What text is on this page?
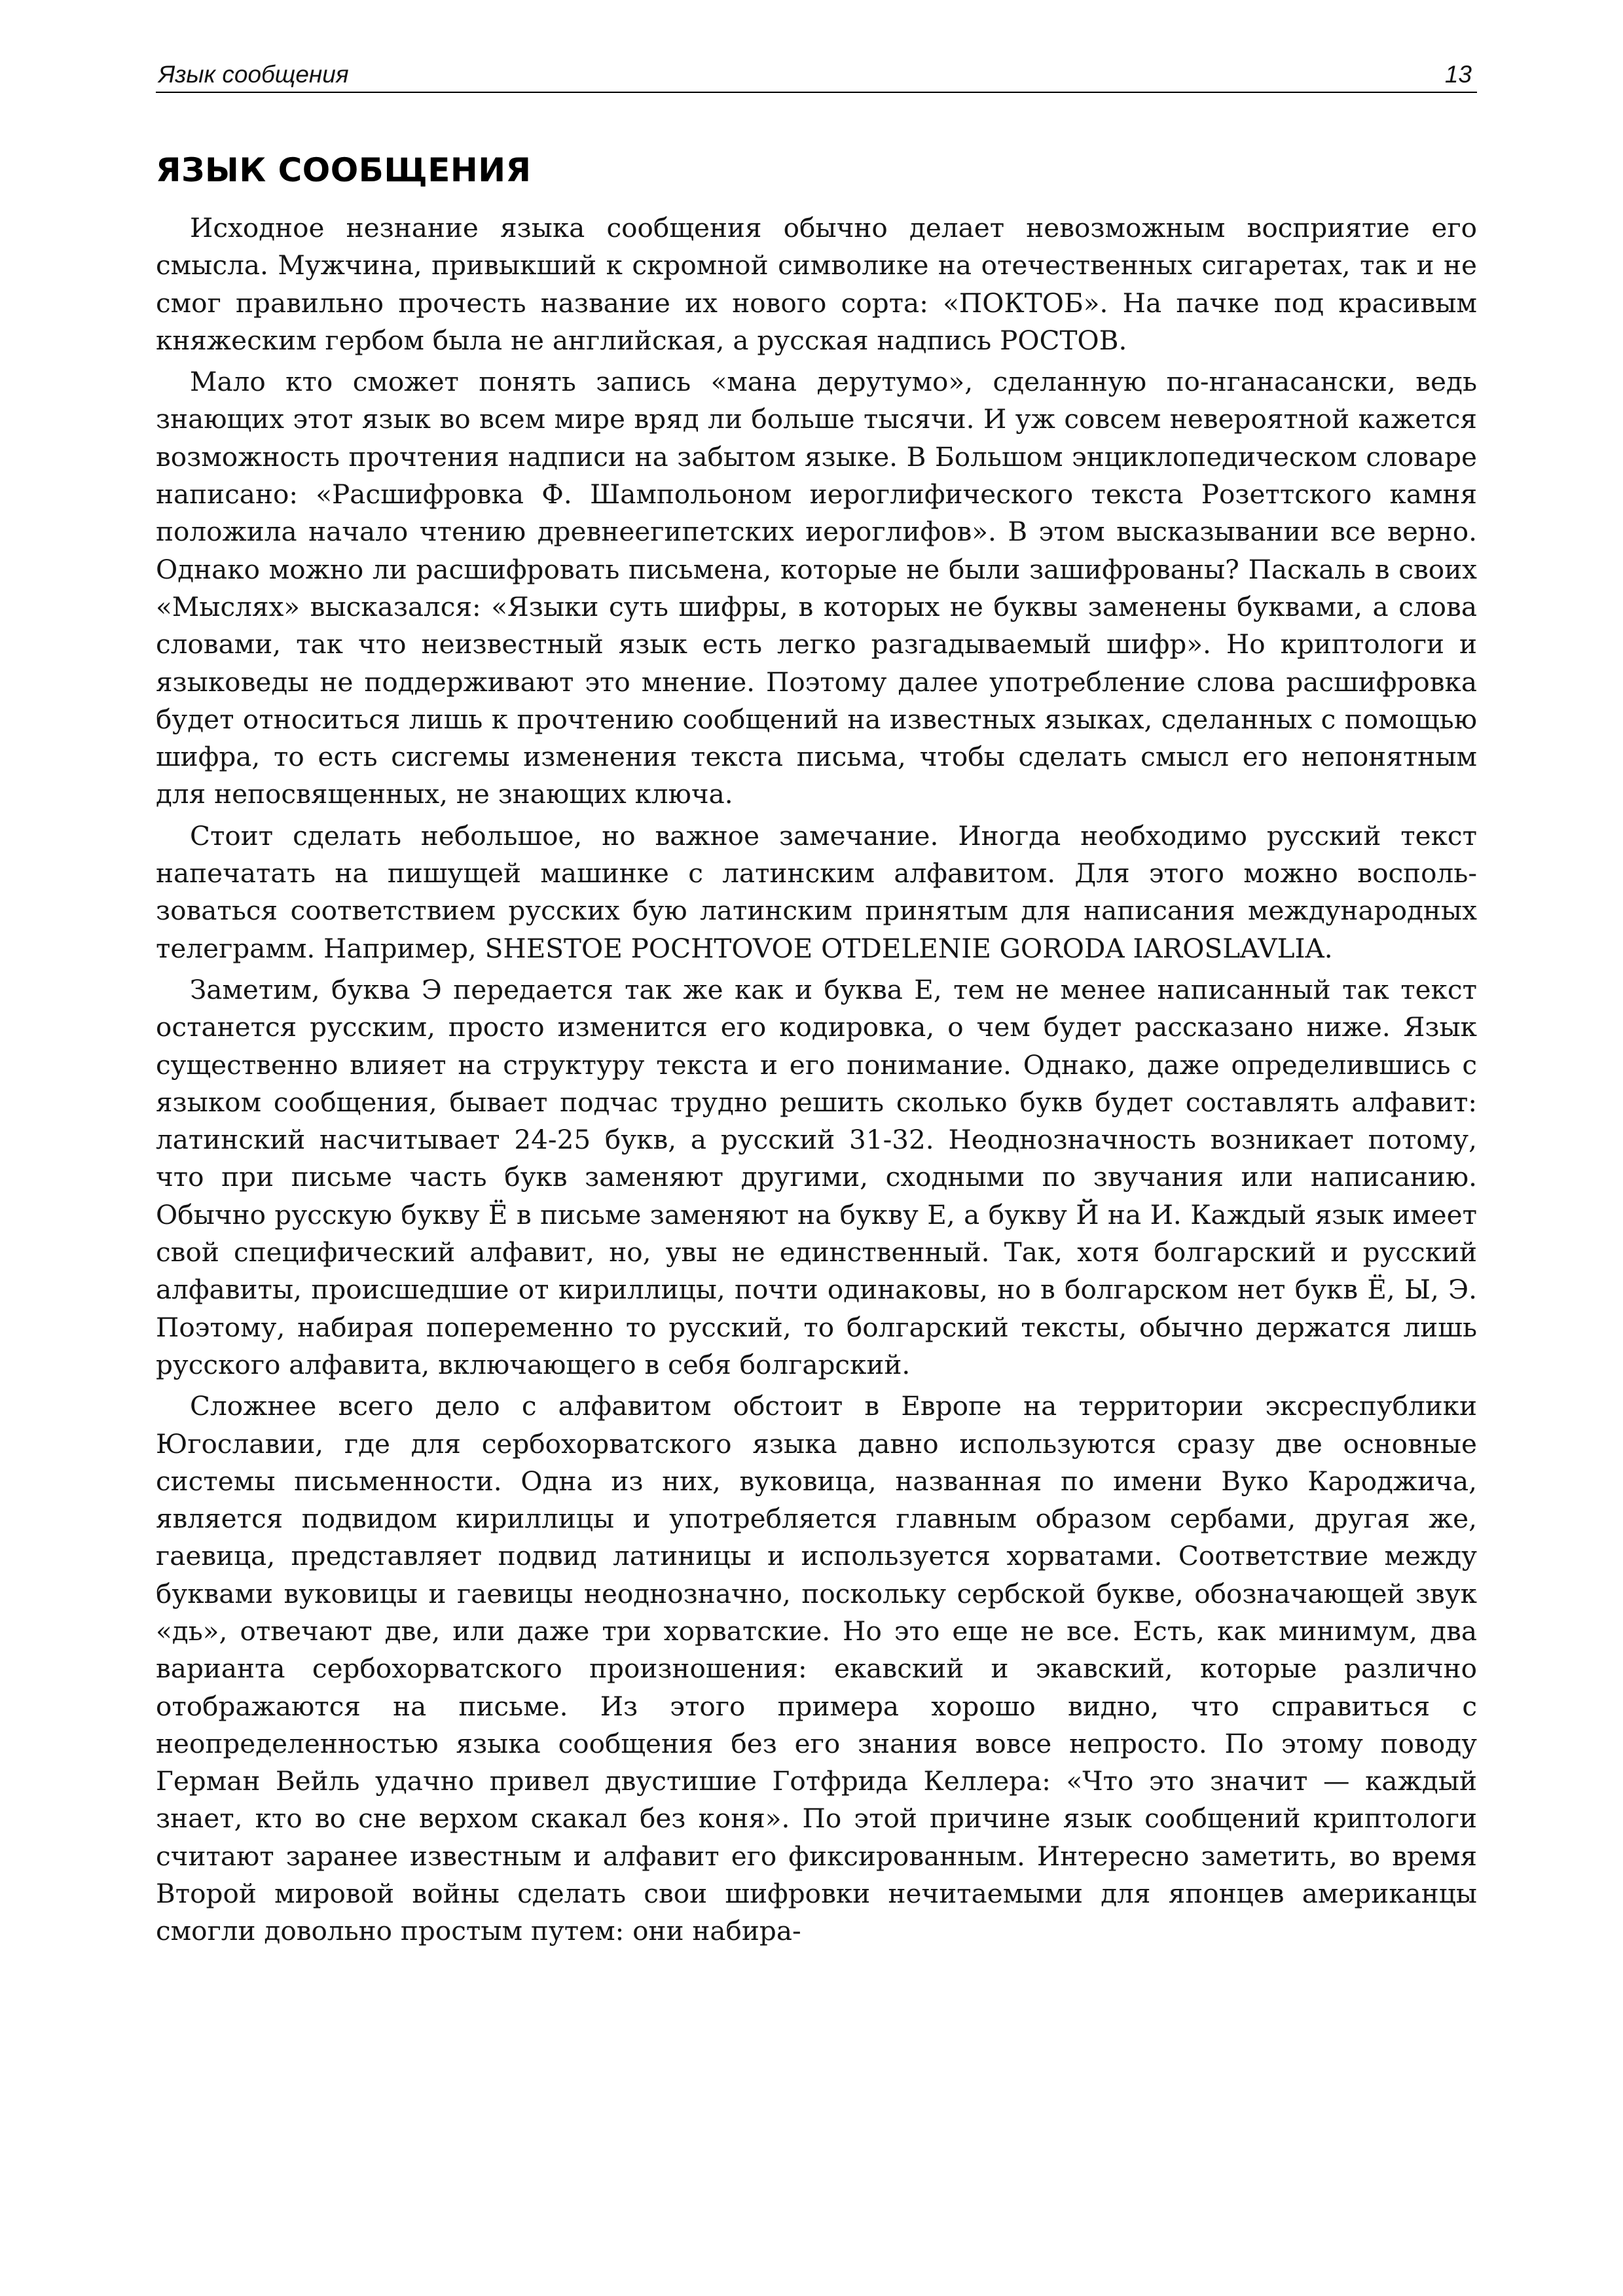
Язык сообщения	13
ЯЗЫК СООБЩЕНИЯ

Исходное незнание языка сообщения обычно делает невозможным восприятие его смысла. Мужчина, привыкший к скромной символике на отечественных сигаретах, так и не смог правильно прочесть название их нового сорта: «ПОКТОБ». На пачке под красивым княжеским гербом была не английская, а русская надпись РОСТОВ.

Мало кто сможет понять запись «мана дерутумо», сделанную по-нганасански, ведь знающих этот язык во всем мире вряд ли больше тысячи. И уж совсем невероятной кажется возможность прочтения надписи на забытом языке. В Большом энциклопедическом словаре написано: «Расшифровка Ф. Шампольоном иероглифического текста Розеттского камня положила начало чтению древнеегипетских иероглифов». В этом высказывании все верно. Однако можно ли расшифровать письмена, которые не были зашифрованы? Паскаль в своих «Мыслях» высказался: «Языки суть шифры, в которых не буквы заменены буквами, а слова словами, так что неизвестный язык есть легко разгадываемый шифр». Но криптологи и языковеды не поддерживают это мнение. Поэтому далее употребление слова расшифровка будет относиться лишь к прочтению сообщений на известных языках, сделанных с помощью шифра, то есть сисгемы изменения текста письма, чтобы сделать смысл его непонятным для непосвященных, не знающих ключа.

Стоит сделать небольшое, но важное замечание. Иногда необходимо русский текст напечатать на пишущей машинке с латинским алфавитом. Для этого можно воспользоваться соответствием русских бую латинским принятым для написания международных телеграмм. Например, SHESTOE POCHTOVOE OTDELENIE GORODA IAROSLAVLIA.

Заметим, буква Э передается так же как и буква Е, тем не менее написанный так текст останется русским, просто изменится его кодировка, о чем будет рассказано ниже. Язык существенно влияет на структуру текста и его понимание. Однако, даже определившись с языком сообщения, бывает подчас трудно решить сколько букв будет составлять алфавит: латинский насчитывает 24-25 букв, а русский 31-32. Неоднозначность возникает потому, что при письме часть букв заменяют другими, сходными по звучания или написанию. Обычно русскую букву Ё в письме заменяют на букву Е, а букву Й на И. Каждый язык имеет свой специфический алфавит, но, увы не единственный. Так, хотя болгарский и русский алфавиты, происшедшие от кириллицы, почти одинаковы, но в болгарском нет букв Ё, Ы, Э. Поэтому, набирая попеременно то русский, то болгарский тексты, обычно держатся лишь русского алфавита, включающего в себя болгарский.

Сложнее всего дело с алфавитом обстоит в Европе на территории экcреспублики Югославии, где для сербохорватского языка давно используются сразу две основные системы письменности. Одна из них, вуковица, названная по имени Вуко Кароджича, является подвидом кириллицы и употребляется главным образом сербами, другая же, гаевица, представляет подвид латиницы и используется хорватами. Соответствие между буквами вуковицы и гаевицы неоднозначно, поскольку сербской букве, обозначающей звук «дь», отвечают две, или даже три хорватские. Но это еще не все. Есть, как минимум, два варианта сербохорватского произношения: екавский и экавский, которые различно отображаются на письме. Из этого примера хорошо видно, что справиться с неопределенностью языка сообщения без его знания вовсе непросто. По этому поводу Герман Вейль удачно привел двустишие Готфрида Келлера: «Что это значит — каждый знает, кто во сне верхом скакал без коня». По этой причине язык сообщений криптологи считают заранее известным и алфавит его фиксированным. Интересно заметить, во время Второй мировой войны сделать свои шифровки нечитаемыми для японцев американцы смогли довольно простым путем: они набира-
